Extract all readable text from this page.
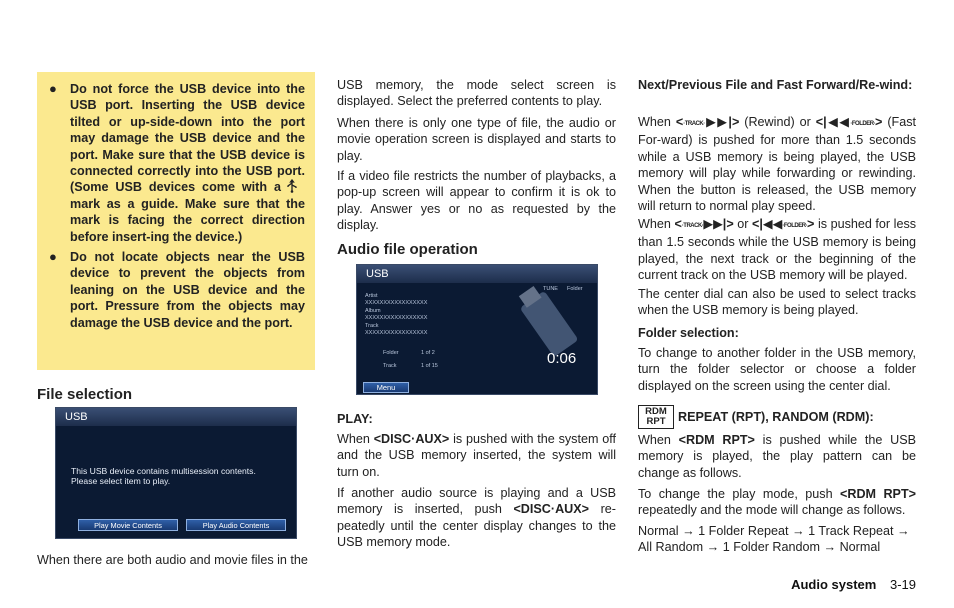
● Do not force the USB device into the USB port. Inserting the USB device tilted or up-side-down into the port may damage the USB device and the port. Make sure that the USB device is connected correctly into the USB port. (Some USB devices come with amark as a guide. Make sure that the mark is facing the correct direction before insert-ing the device.)
● Do not locate objects near the USB device to prevent the objects from leaning on the USB device and the port. Pressure from the objects may damage the USB device and the port.
File selection
USB
This USB device contains multisession contents.
Please select item to play.
Play Movie Contents	Play Audio Contents

When there are both audio and movie files in the

USB memory, the mode select screen is displayed. Select the preferred contents to play.

When there is only one type of file, the audio or movie operation screen is displayed and starts to play.

If a video file restricts the number of playbacks, a pop-up screen will appear to confirm it is ok to play. Answer yes or no as requested by the display.

Audio file operation
USB
Artist
XXXXXXXXXXXXXXXXX
Album
XXXXXXXXXXXXXXXXX
Track
XXXXXXXXXXXXXXXXX
TUNE Folder
Folder	1 of 2
Track	1 of 15	0:06
Menu
PLAY:

When <DISC·AUX> is pushed with the system off and the USB memory inserted, the system will turn on.

If another audio source is playing and a USB memory is inserted, push <DISC·AUX> re-peatedly until the center display changes to the USB memory mode.

Next/Previous File and Fast Forward/Re-wind:

When <·TRACK·▶▶|> (Rewind) or <|◀◀·FOLDER·> (Fast For-ward) is pushed for more than 1.5 seconds while a USB memory is being played, the USB memory will play while forwarding or rewinding. When the button is released, the USB memory will return to normal play speed.

When <·TRACK·▶▶|> or <|◀◀·FOLDER·> is pushed for less than 1.5 seconds while the USB memory is being played, the next track or the beginning of the current track on the USB memory will be played.

The center dial can also be used to select tracks when the USB memory is being played.

Folder selection:

To change to another folder in the USB memory, turn the folder selector or choose a folder displayed on the screen using the center dial.

RDM
RPT REPEAT (RPT), RANDOM (RDM):

When <RDM RPT> is pushed while the USB memory is played, the play pattern can be change as follows.

To change the play mode, push <RDM RPT> repeatedly and the mode will change as follows.

Normal → 1 Folder Repeat → 1 Track Repeat → All Random → 1 Folder Random → Normal

Audio system 3-19
